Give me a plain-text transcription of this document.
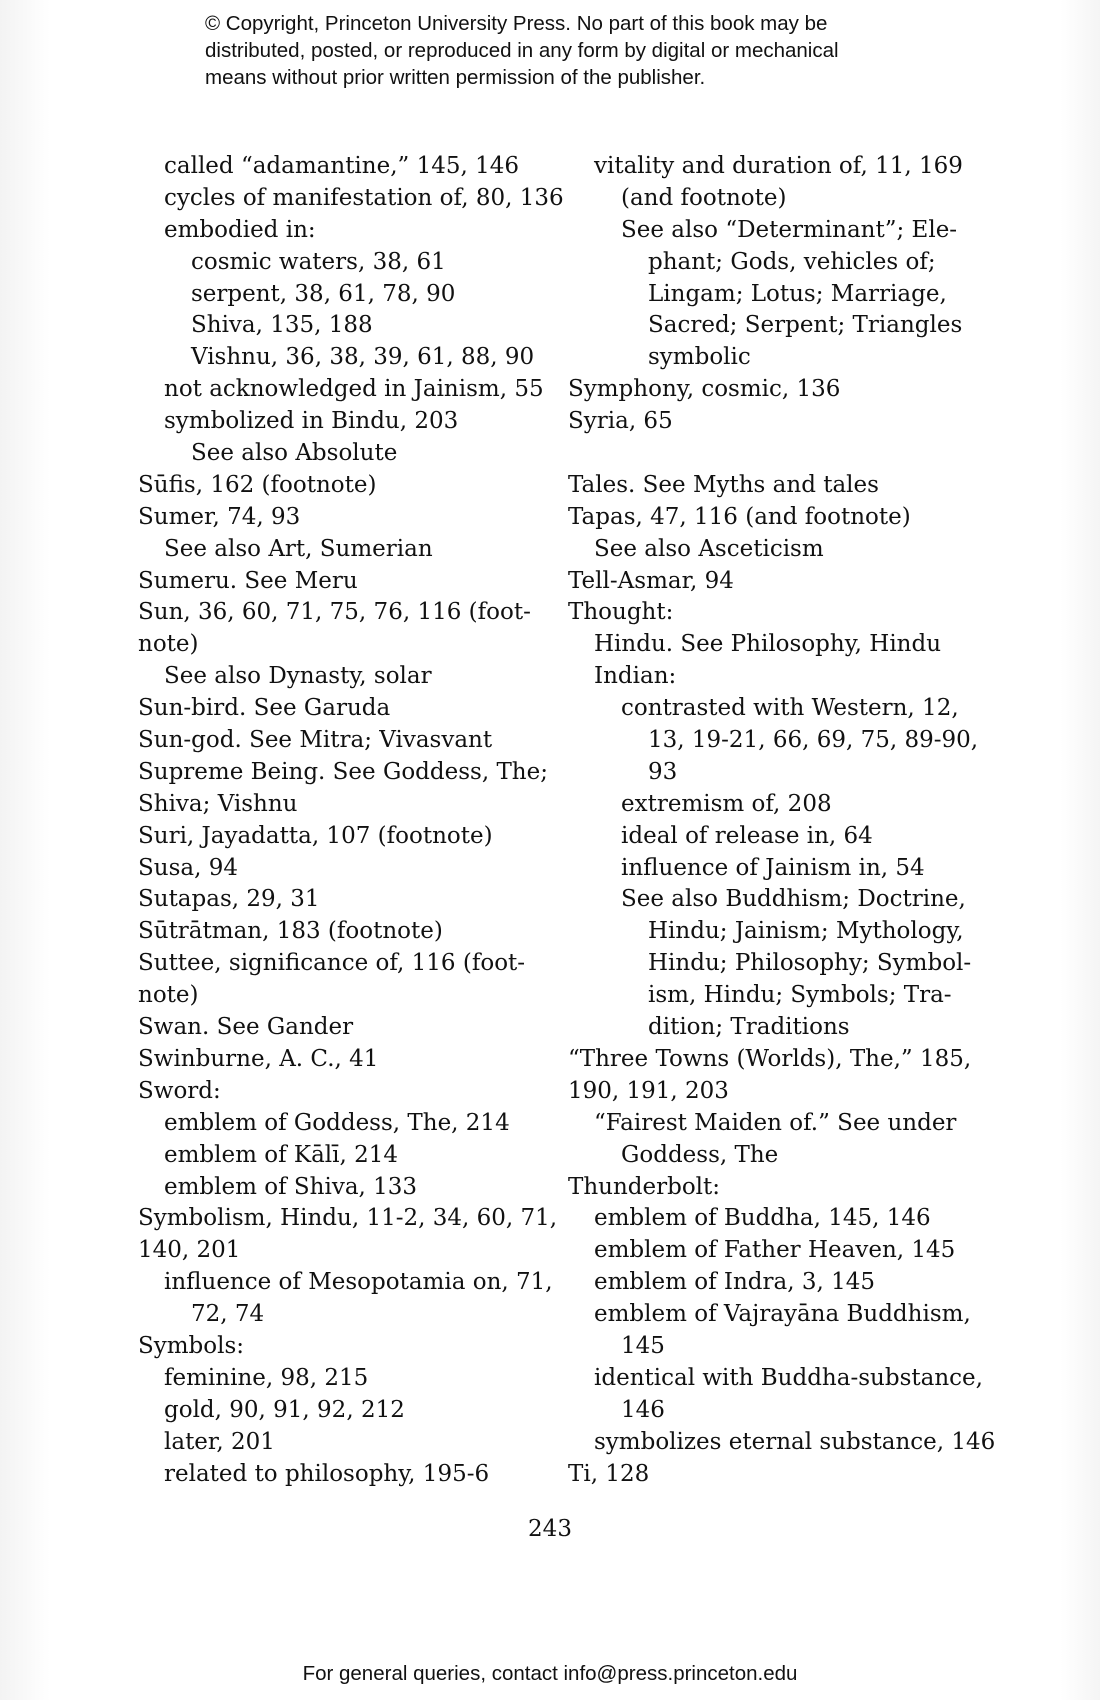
© Copyright, Princeton University Press. No part of this book may be
distributed, posted, or reproduced in any form by digital or mechanical
means without prior written permission of the publisher.
called “adamantine,” 145, 146
cycles of manifestation of, 80, 136
embodied in:
cosmic waters, 38, 61
serpent, 38, 61, 78, 90
Shiva, 135, 188
Vishnu, 36, 38, 39, 61, 88, 90
not acknowledged in Jainism, 55
symbolized in Bindu, 203
See also Absolute
Sūfis, 162 (footnote)
Sumer, 74, 93
See also Art, Sumerian
Sumeru. See Meru
Sun, 36, 60, 71, 75, 76, 116 (foot-
note)
See also Dynasty, solar
Sun-bird. See Garuda
Sun-god. See Mitra; Vivasvant
Supreme Being. See Goddess, The;
Shiva; Vishnu
Suri, Jayadatta, 107 (footnote)
Susa, 94
Sutapas, 29, 31
Sūtrātman, 183 (footnote)
Suttee, significance of, 116 (foot-
note)
Swan. See Gander
Swinburne, A. C., 41
Sword:
emblem of Goddess, The, 214
emblem of Kālī, 214
emblem of Shiva, 133
Symbolism, Hindu, 11-2, 34, 60, 71,
140, 201
influence of Mesopotamia on, 71,
72, 74
Symbols:
feminine, 98, 215
gold, 90, 91, 92, 212
later, 201
related to philosophy, 195-6
vitality and duration of, 11, 169
(and footnote)
See also “Determinant”; Ele-
phant; Gods, vehicles of;
Lingam; Lotus; Marriage,
Sacred; Serpent; Triangles
symbolic
Symphony, cosmic, 136
Syria, 65
Tales. See Myths and tales
Tapas, 47, 116 (and footnote)
See also Asceticism
Tell-Asmar, 94
Thought:
Hindu. See Philosophy, Hindu
Indian:
contrasted with Western, 12,
13, 19-21, 66, 69, 75, 89-90,
93
extremism of, 208
ideal of release in, 64
influence of Jainism in, 54
See also Buddhism; Doctrine,
Hindu; Jainism; Mythology,
Hindu; Philosophy; Symbol-
ism, Hindu; Symbols; Tra-
dition; Traditions
“Three Towns (Worlds), The,” 185,
190, 191, 203
“Fairest Maiden of.” See under
Goddess, The
Thunderbolt:
emblem of Buddha, 145, 146
emblem of Father Heaven, 145
emblem of Indra, 3, 145
emblem of Vajrayāna Buddhism,
145
identical with Buddha-substance,
146
symbolizes eternal substance, 146
Ti, 128
243
For general queries, contact info@press.princeton.edu
